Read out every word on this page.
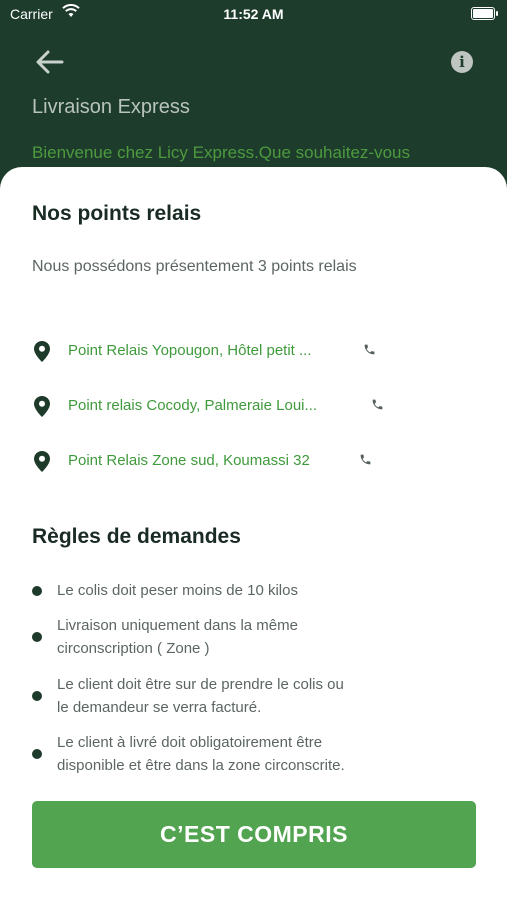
Carrier	11:52 AM
i
Livraison Express
Bienvenue chez Licy Express.Que souhaitez-vous
Nos points relais
Nous possédons présentement 3 points relais
Point Relais Yopougon, Hôtel petit ...
Point relais Cocody, Palmeraie Loui...
Point Relais Zone sud, Koumassi 32
Règles de demandes
Le colis doit peser moins de 10 kilos
Livraison uniquement dans la même
circonscription ( Zone )
Le client doit être sur de prendre le colis ou
le demandeur se verra facturé.
Le client à livré doit obligatoirement être
disponible et être dans la zone circonscrite.
C’EST COMPRIS
